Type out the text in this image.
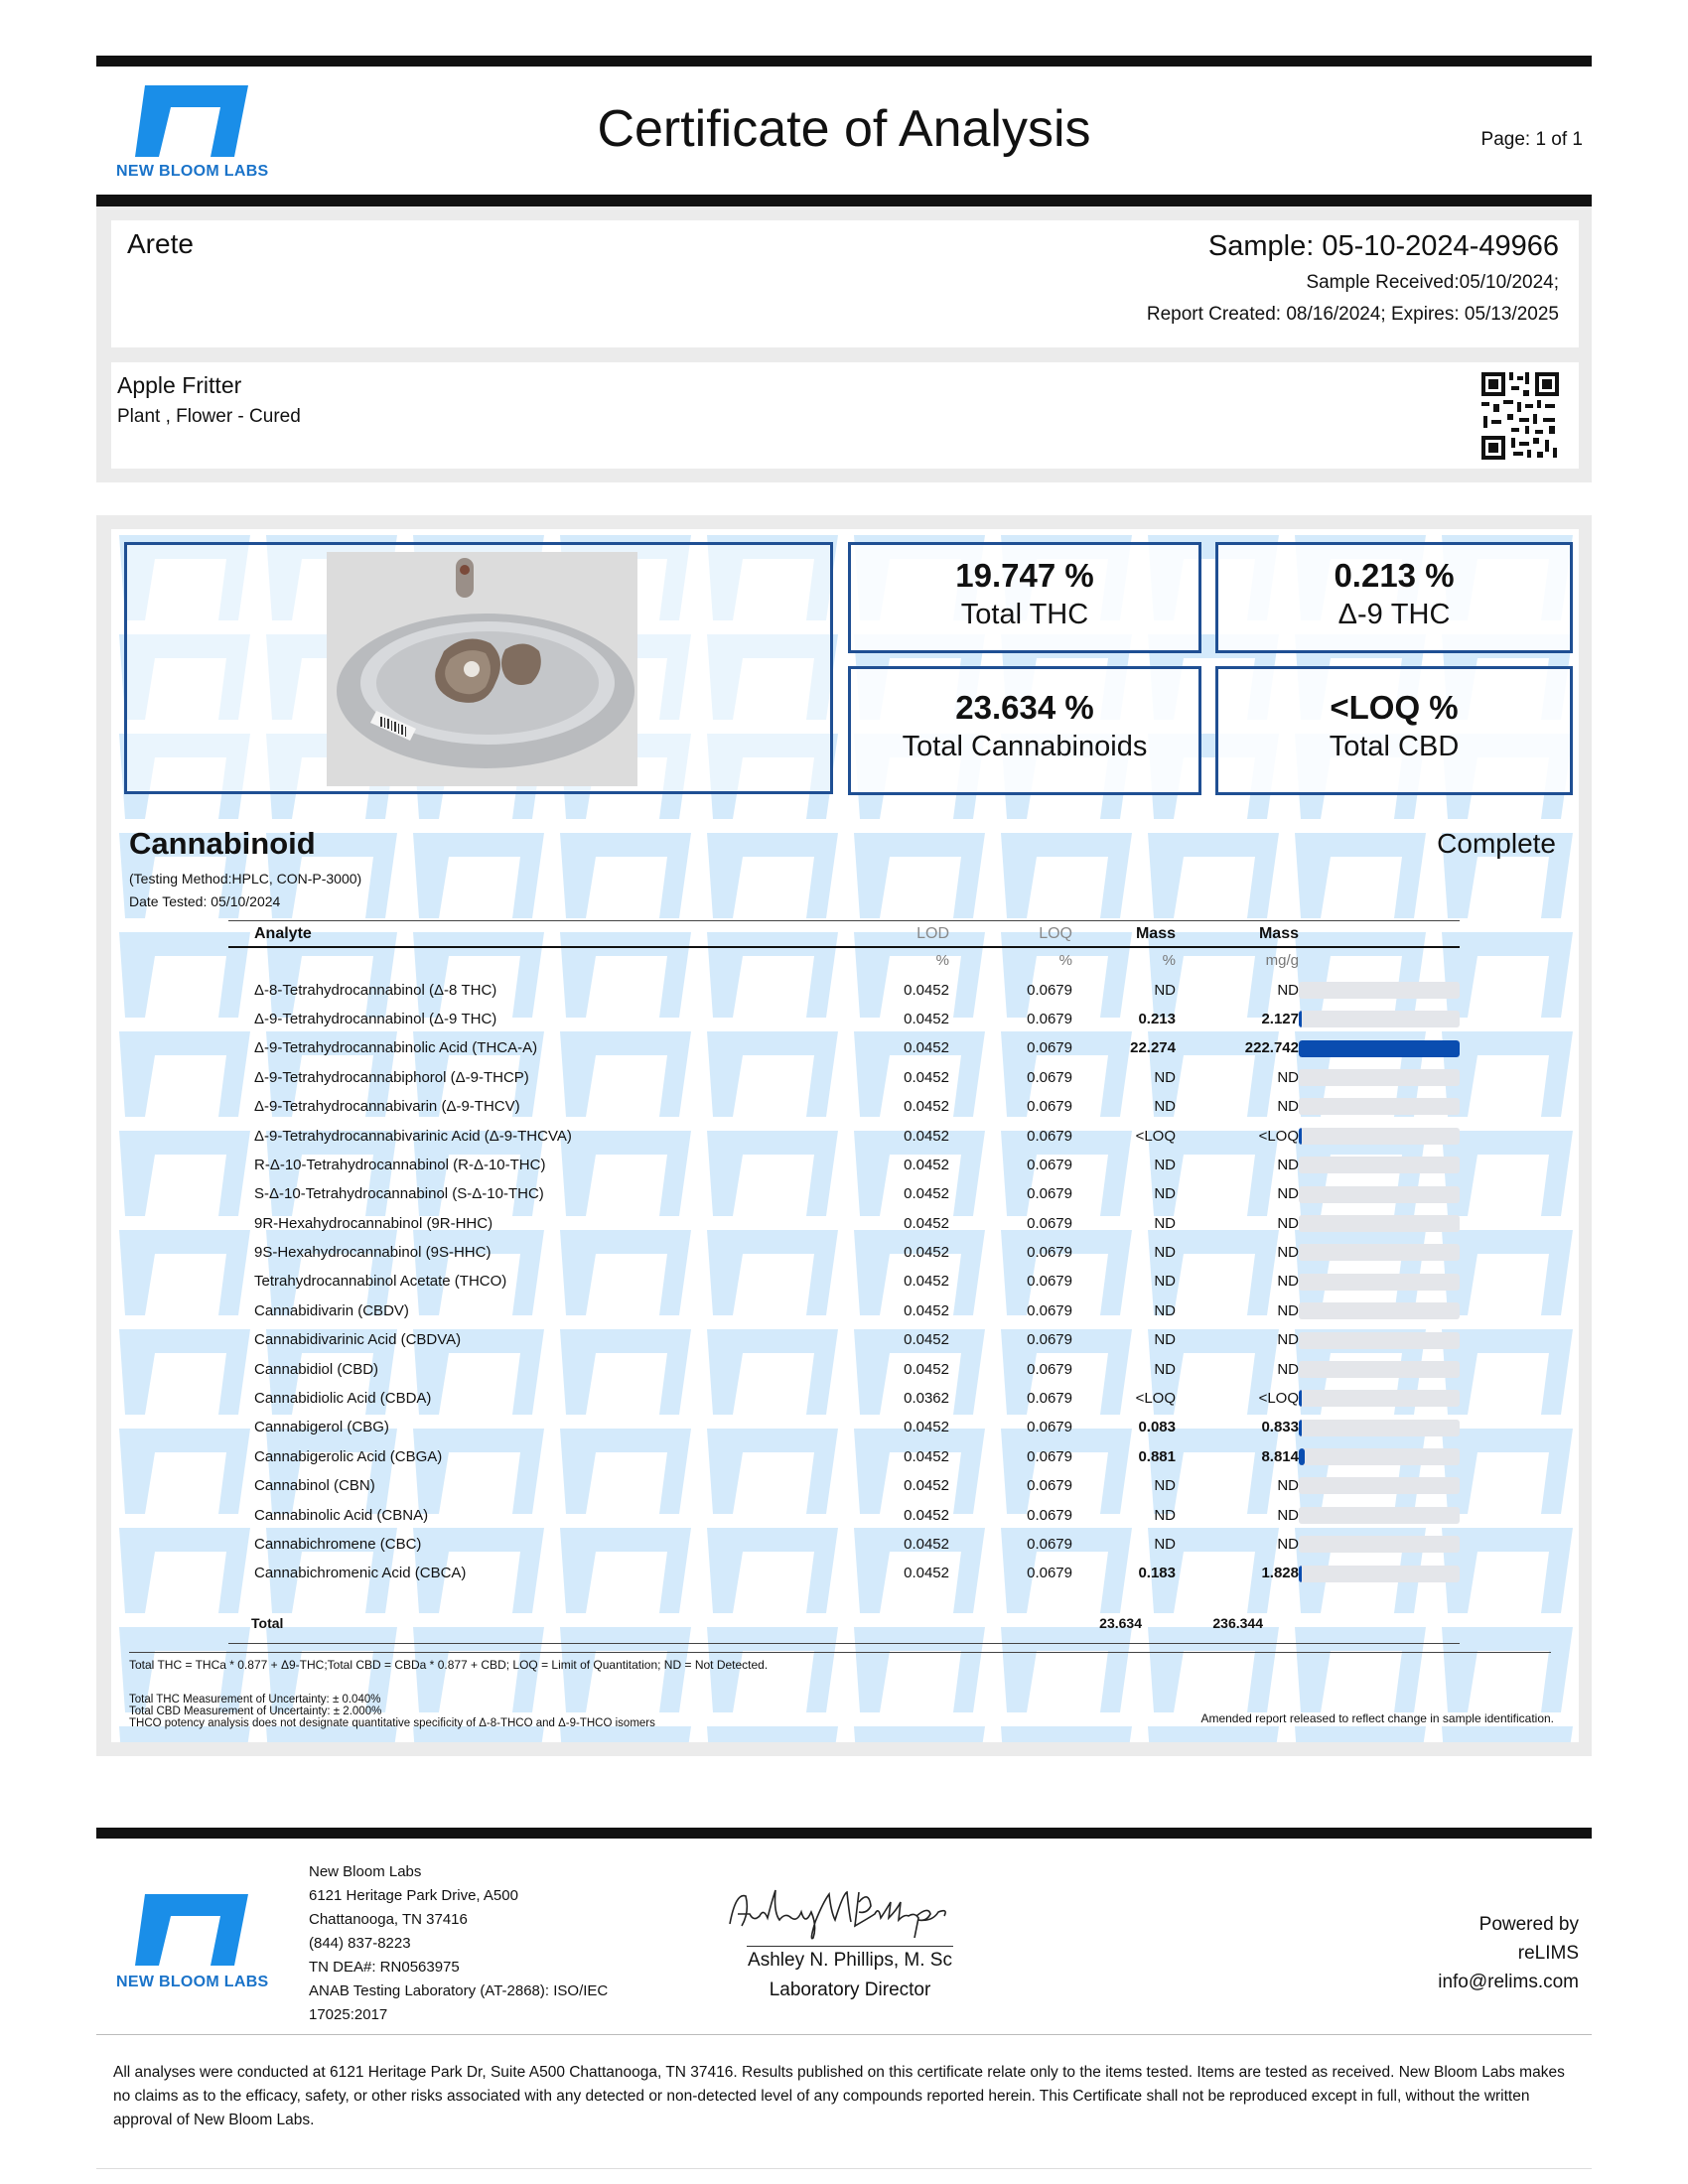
NEW BLOOM LABS
Certificate of Analysis	Page: 1 of 1
Arete	Sample: 05-10-2024-49966
Sample Received:05/10/2024;
Report Created: 08/16/2024; Expires: 05/13/2025
Apple Fritter
Plant , Flower - Cured
19.747 %
Total THC
0.213 %
Δ-9 THC
23.634 %
Total Cannabinoids
<LOQ %
Total CBD
Cannabinoid	Complete
(Testing Method:HPLC, CON-P-3000)
Date Tested: 05/10/2024
Analyte	LOD	LOQ	Mass	Mass	
	%	%	%	mg/g	
Δ-8-Tetrahydrocannabinol (Δ-8 THC)	0.0452	0.0679	ND	ND	

Δ-9-Tetrahydrocannabinol (Δ-9 THC)	0.0452	0.0679	0.213	2.127	

Δ-9-Tetrahydrocannabinolic Acid (THCA-A)	0.0452	0.0679	22.274	222.742	

Δ-9-Tetrahydrocannabiphorol (Δ-9-THCP)	0.0452	0.0679	ND	ND	

Δ-9-Tetrahydrocannabivarin (Δ-9-THCV)	0.0452	0.0679	ND	ND	

Δ-9-Tetrahydrocannabivarinic Acid (Δ-9-THCVA)	0.0452	0.0679	<LOQ	<LOQ	

R-Δ-10-Tetrahydrocannabinol (R-Δ-10-THC)	0.0452	0.0679	ND	ND	

S-Δ-10-Tetrahydrocannabinol (S-Δ-10-THC)	0.0452	0.0679	ND	ND	

9R-Hexahydrocannabinol (9R-HHC)	0.0452	0.0679	ND	ND	

9S-Hexahydrocannabinol (9S-HHC)	0.0452	0.0679	ND	ND	

Tetrahydrocannabinol Acetate (THCO)	0.0452	0.0679	ND	ND	

Cannabidivarin (CBDV)	0.0452	0.0679	ND	ND	

Cannabidivarinic Acid (CBDVA)	0.0452	0.0679	ND	ND	

Cannabidiol (CBD)	0.0452	0.0679	ND	ND	

Cannabidiolic Acid (CBDA)	0.0362	0.0679	<LOQ	<LOQ	

Cannabigerol (CBG)	0.0452	0.0679	0.083	0.833	

Cannabigerolic Acid (CBGA)	0.0452	0.0679	0.881	8.814	

Cannabinol (CBN)	0.0452	0.0679	ND	ND	

Cannabinolic Acid (CBNA)	0.0452	0.0679	ND	ND	

Cannabichromene (CBC)	0.0452	0.0679	ND	ND	

Cannabichromenic Acid (CBCA)	0.0452	0.0679	0.183	1.828	
Total	23.634	236.344
Total THC = THCa * 0.877 + Δ9-THC;Total CBD = CBDa * 0.877 + CBD; LOQ = Limit of Quantitation; ND = Not Detected.
Total THC Measurement of Uncertainty: ± 0.040%
Total CBD Measurement of Uncertainty: ± 2.000%
THCO potency analysis does not designate quantitative specificity of Δ-8-THCO and Δ-9-THCO isomers	Amended report released to reflect change in sample identification.
NEW BLOOM LABS
New Bloom Labs
6121 Heritage Park Drive, A500
Chattanooga, TN 37416
(844) 837-8223
TN DEA#: RN0563975
ANAB Testing Laboratory (AT-2868): ISO/IEC
17025:2017
Ashley N. Phillips, M. Sc
Laboratory Director
Powered by
reLIMS
info@relims.com
All analyses were conducted at 6121 Heritage Park Dr, Suite A500 Chattanooga, TN 37416. Results published on this certificate relate only to the items tested. Items are tested as received. New Bloom Labs makes no claims as to the efficacy, safety, or other risks associated with any detected or non-detected level of any compounds reported herein. This Certificate shall not be reproduced except in full, without the written approval of New Bloom Labs.
